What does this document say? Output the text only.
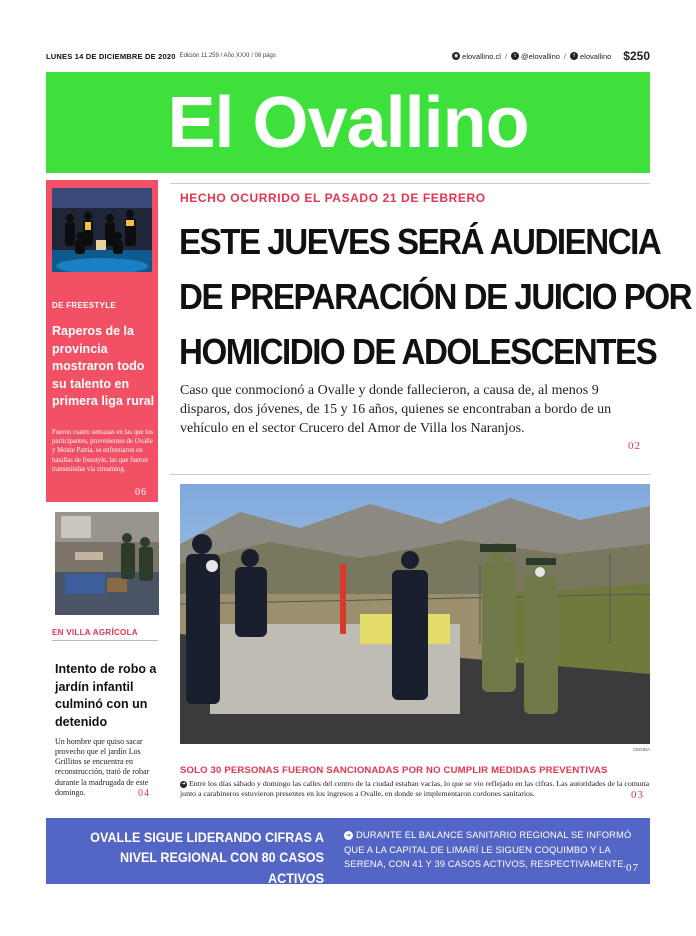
LUNES 14 DE DICIEMBRE DE 2020 Edición 11.259 / Año XXXI / 08 págs	◉ elovallino.cl /	t @elovallino /	f elovallino $250
El Ovallino
DE FREESTYLE
Raperos de la provincia mostraron todo su talento en primera liga rural
Fueron cuatro semanas en las que los participantes, provenientes de Ovalle y Monte Patria, se enfrentaron en batallas de freestyle, las que fueron transmitidas vía streaming.
06
EN VILLA AGRÍCOLA
Intento de robo a jardín infantil culminó con un detenido
Un hombre que quiso sacar provecho que el jardín Los Grillitos se encuentra en reconstrucción, trató de robar durante la madrugada de este domingo.	04
HECHO OCURRIDO EL PASADO 21 DE FEBRERO
ESTE JUEVES SERÁ AUDIENCIA
DE PREPARACIÓN DE JUICIO POR
HOMICIDIO DE ADOLESCENTES
Caso que conmocionó a Ovalle y donde fallecieron, a causa de, al menos 9 disparos, dos jóvenes, de 15 y 16 años, quienes se encontraban a bordo de un vehículo en el sector Crucero del Amor de Villa los Naranjos.
02
CEDIDA
SOLO 30 PERSONAS FUERON SANCIONADAS POR NO CUMPLIR MEDIDAS PREVENTIVAS
➜ Entre los días sábado y domingo las calles del centro de la ciudad estaban vacías, lo que se vio reflejado en las cifras. Las autoridades de la comuna junto a carabineros estuvieron presentes en los ingresos a Ovalle, en donde se implementaron cordones sanitarios.	03
OVALLE SIGUE LIDERANDO CIFRAS A NIVEL REGIONAL CON 80 CASOS ACTIVOS
➜ DURANTE EL BALANCE SANITARIO REGIONAL SE INFORMÓ QUE A LA CAPITAL DE LIMARÍ LE SIGUEN COQUIMBO Y LA SERENA, CON 41 Y 39 CASOS ACTIVOS, RESPECTIVAMENTE. 07
